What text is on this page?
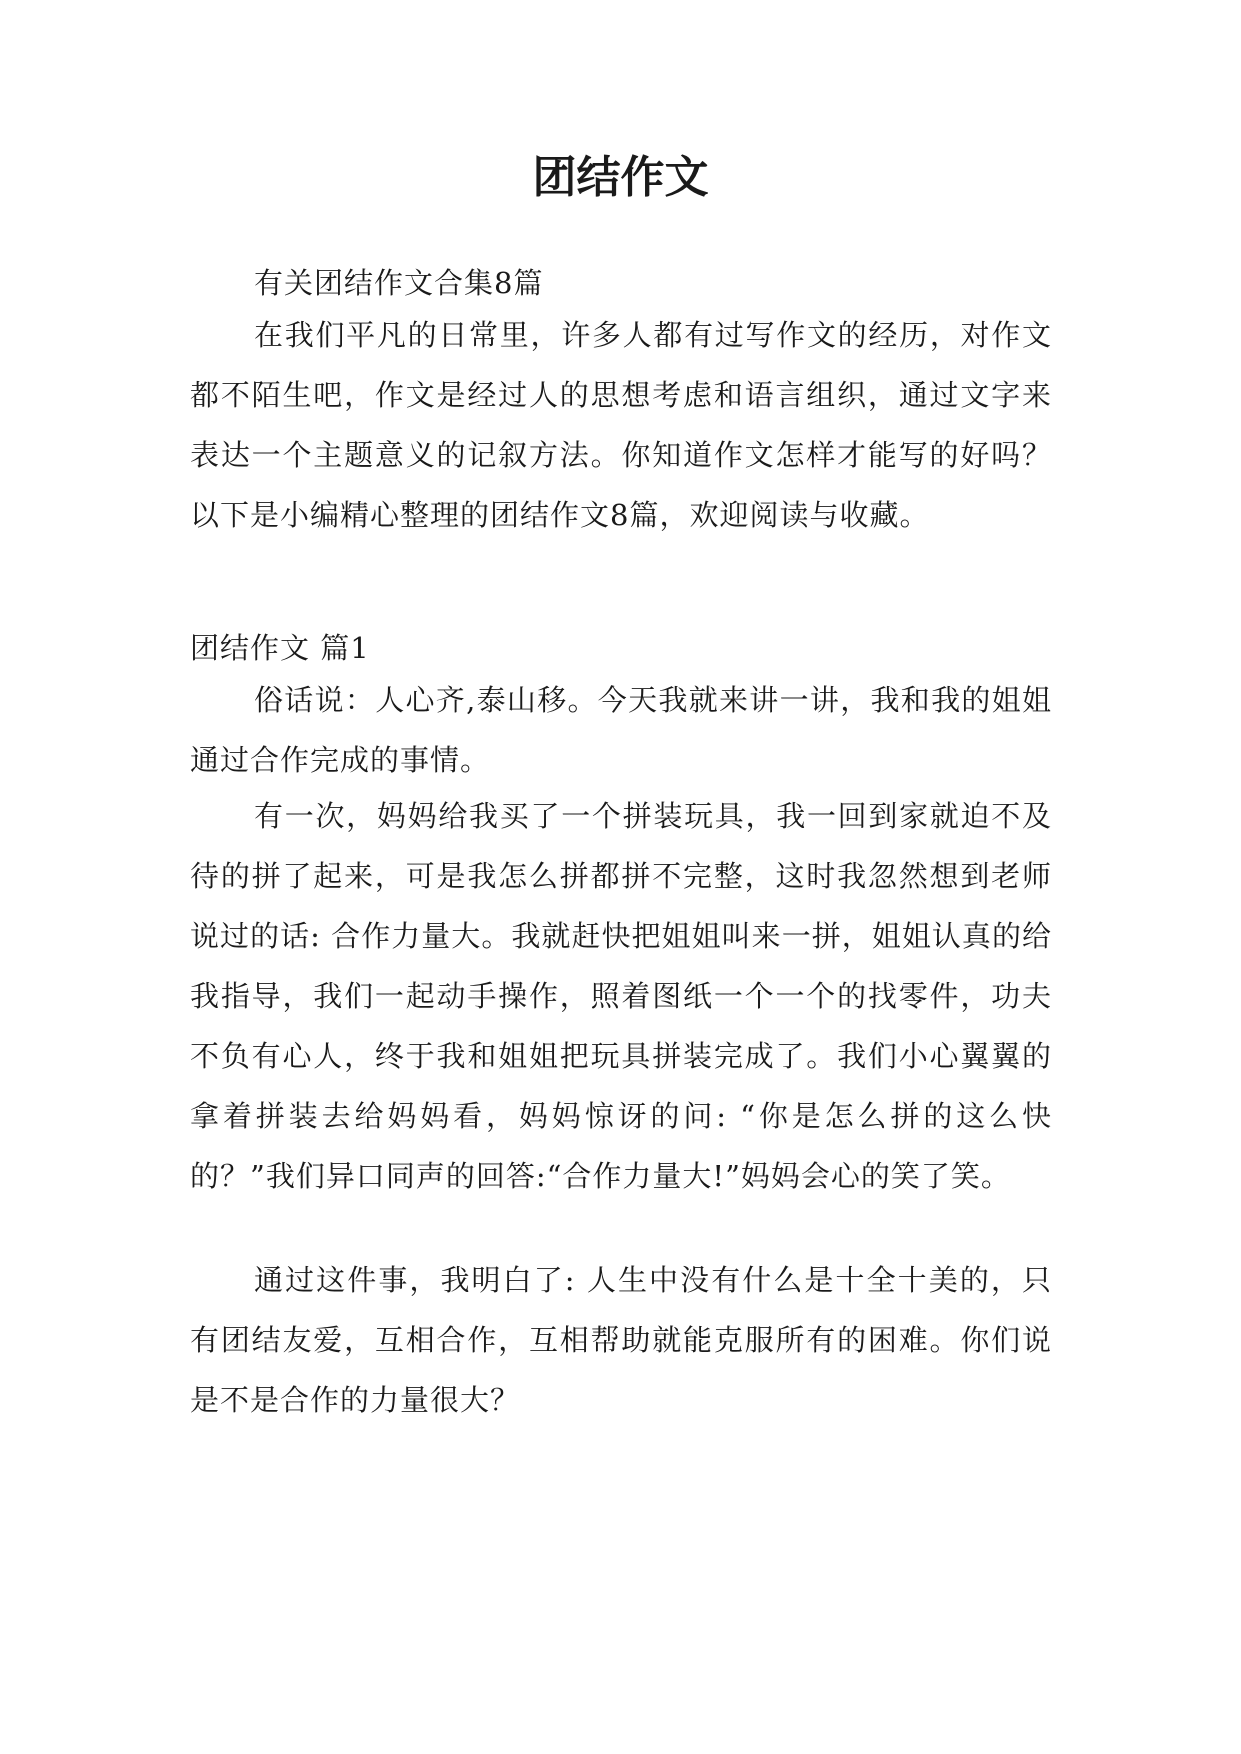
团结作文

有关团结作文合集8篇

在我们平凡的日常里，许多人都有过写作文的经历，对作文都不陌生吧，作文是经过人的思想考虑和语言组织，通过文字来表达一个主题意义的记叙方法。你知道作文怎样才能写的好吗？以下是小编精心整理的团结作文8篇，欢迎阅读与收藏。

团结作文 篇1

俗话说：人心齐,泰山移。今天我就来讲一讲，我和我的姐姐通过合作完成的事情。

有一次，妈妈给我买了一个拼装玩具，我一回到家就迫不及待的拼了起来，可是我怎么拼都拼不完整，这时我忽然想到老师说过的话: 合作力量大。我就赶快把姐姐叫来一拼，姐姐认真的给我指导，我们一起动手操作，照着图纸一个一个的找零件，功夫不负有心人，终于我和姐姐把玩具拼装完成了。我们小心翼翼的拿着拼装去给妈妈看，妈妈惊讶的问: “你是怎么拼的这么快的？”我们异口同声的回答:“合作力量大!”妈妈会心的笑了笑。

通过这件事，我明白了: 人生中没有什么是十全十美的，只有团结友爱，互相合作，互相帮助就能克服所有的困难。你们说是不是合作的力量很大？
